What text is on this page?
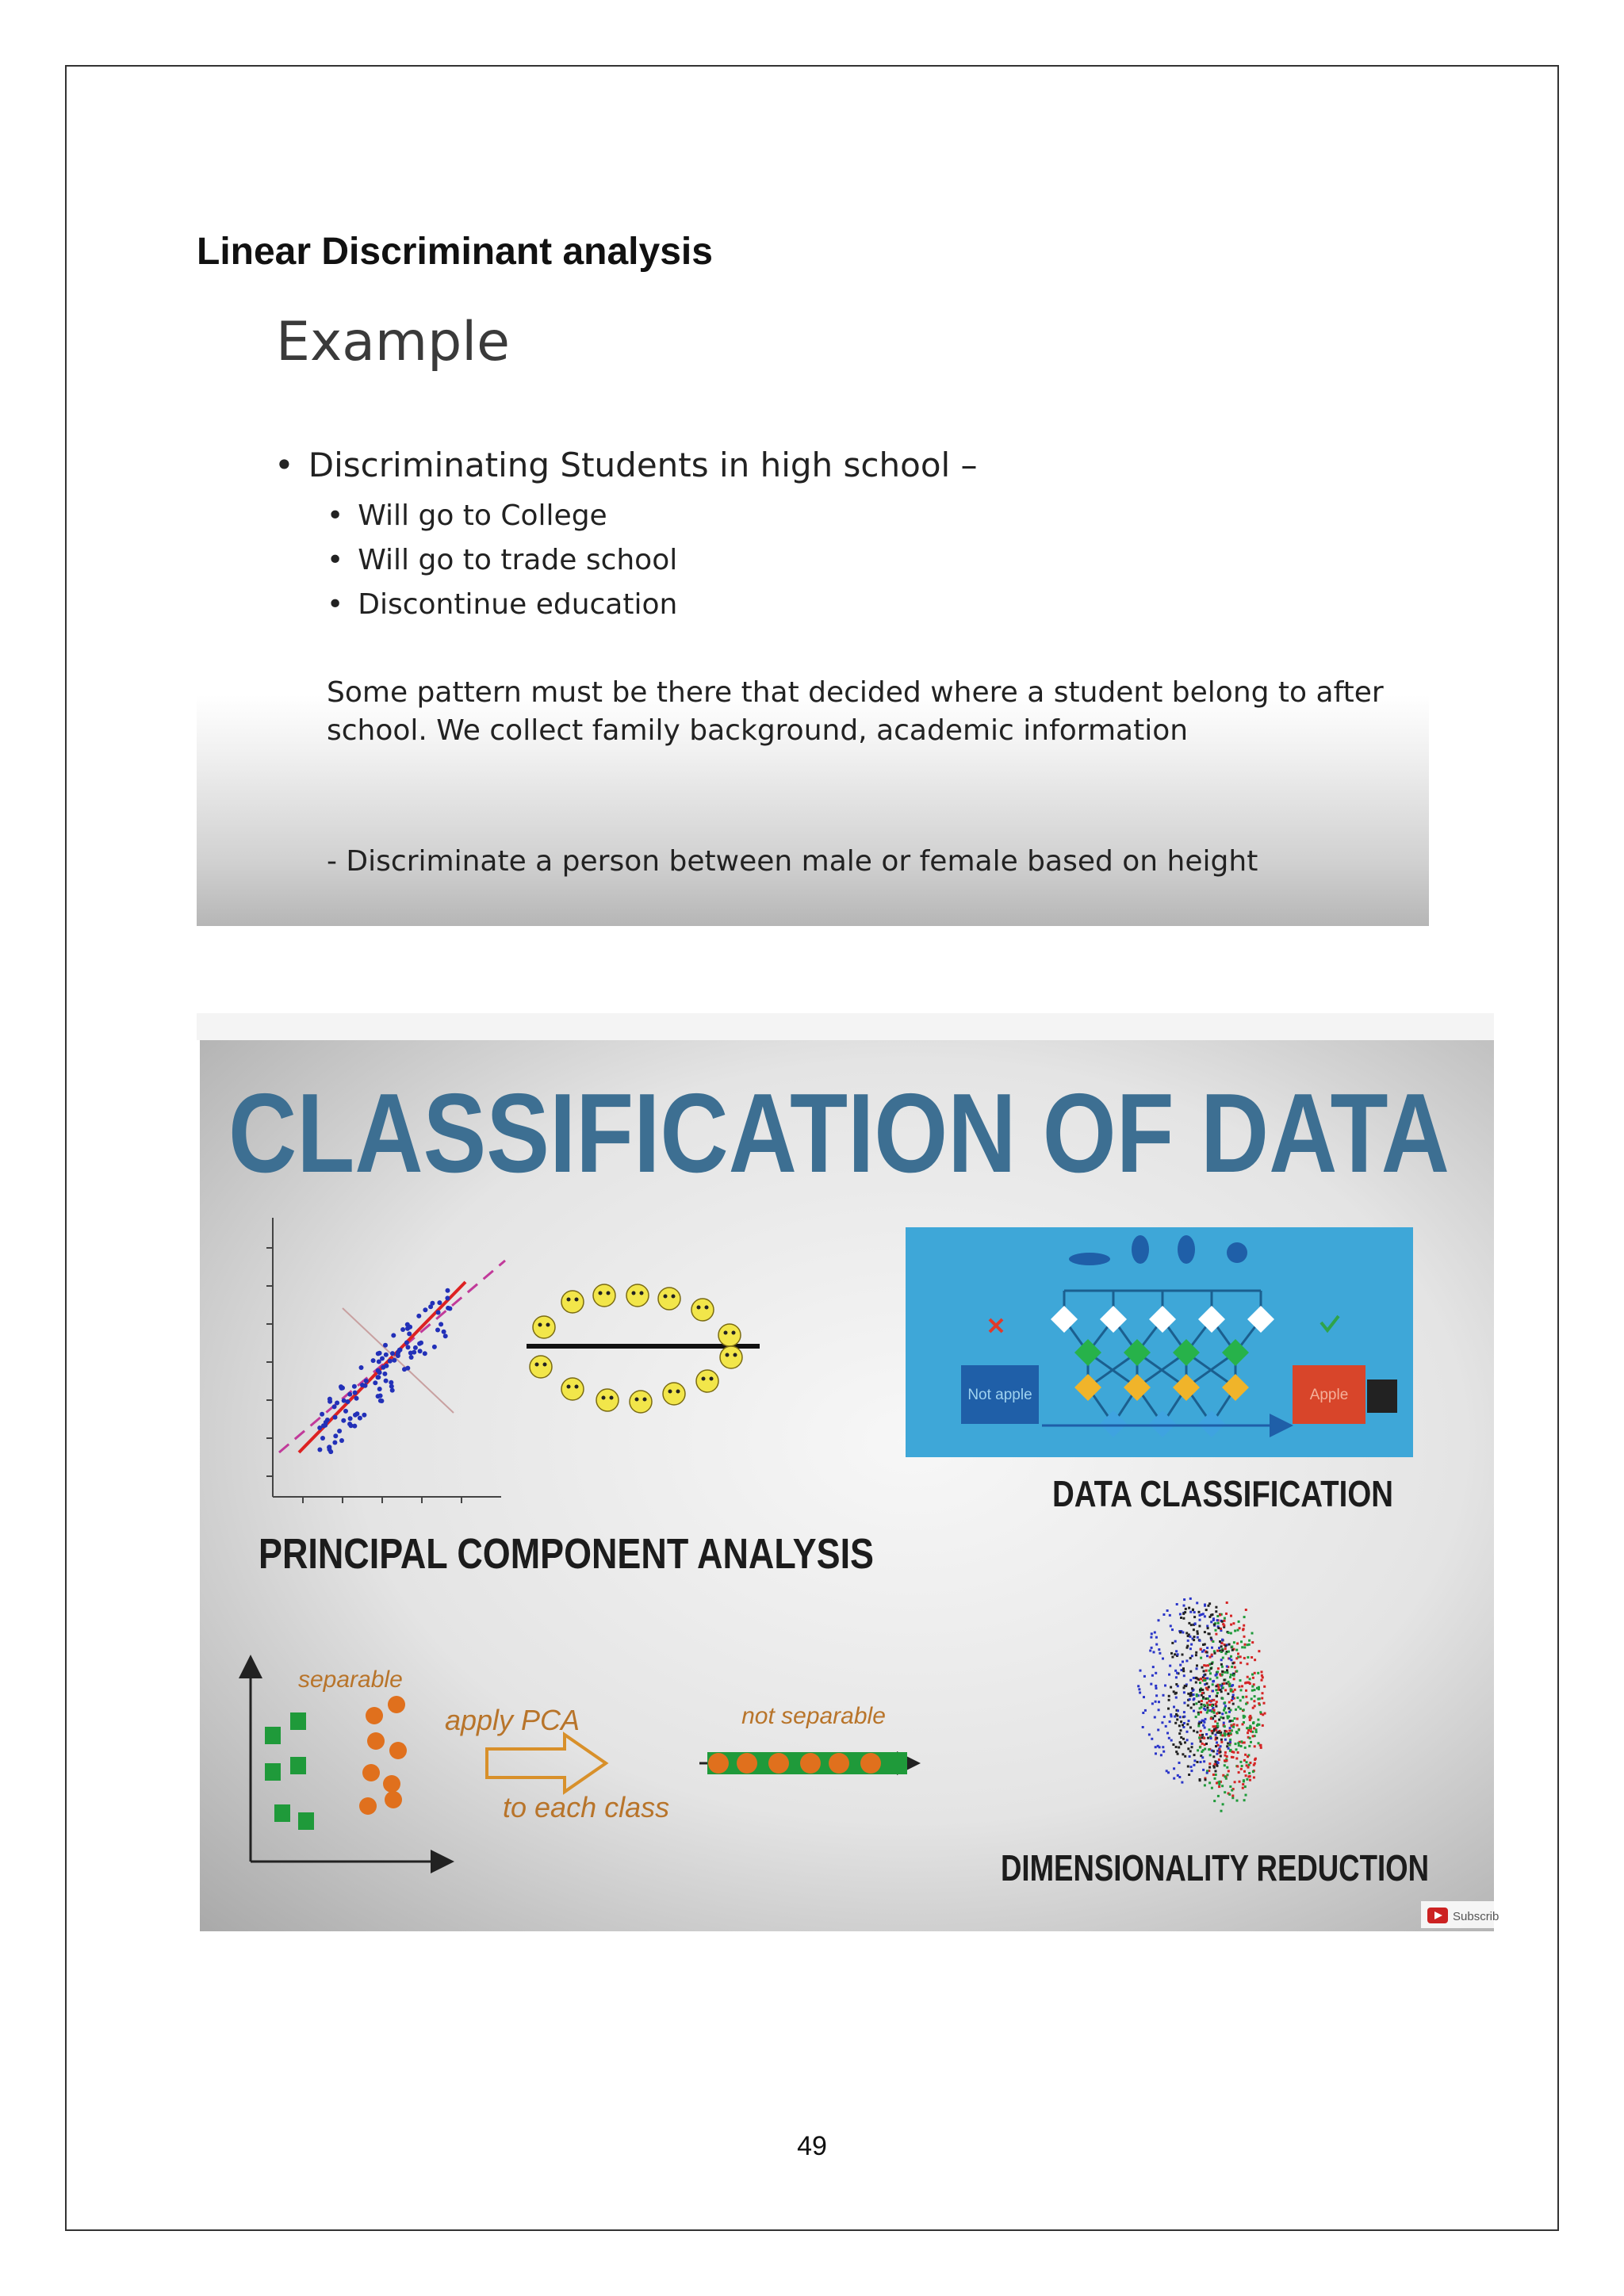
Linear Discriminant analysis
Example
• Discriminating Students in high school –
• Will go to College
• Will go to trade school
• Discontinue education

Some pattern must be there that decided where a student belong to after school. We collect family background, academic information

- Discriminate a person between male or female based on height

CLASSIFICATION OF DATA
Not apple	Apple
DATA CLASSIFICATION
PRINCIPAL COMPONENT ANALYSIS
separable
apply PCA
to each class
not separable
DIMENSIONALITY REDUCTION
Subscrib
49
